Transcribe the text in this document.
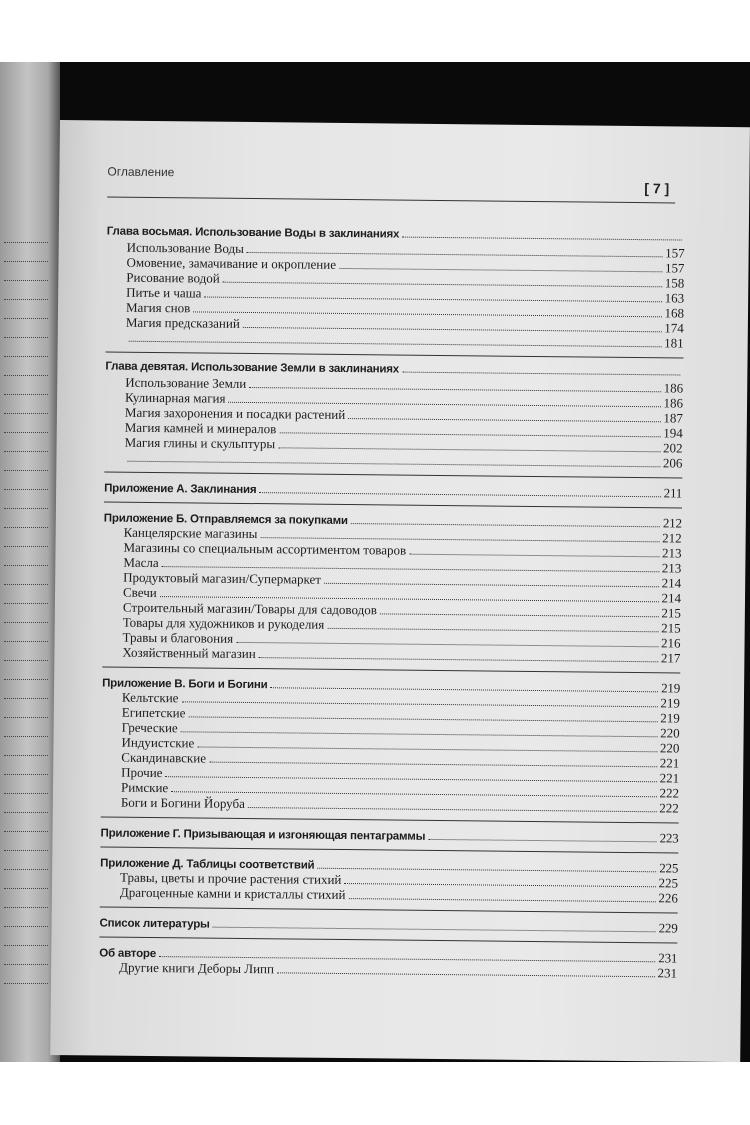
Оглавление
[ 7 ]
Глава восьмая. Использование Воды в заклинаниях
Использование Воды	157
Омовение, замачивание и окропление	157
Рисование водой	158
Питье и чаша	163
Магия снов	168
Магия предсказаний	174
181
Глава девятая. Использование Земли в заклинаниях
Использование Земли	186
Кулинарная магия	186
Магия захоронения и посадки растений	187
Магия камней и минералов	194
Магия глины и скульптуры	202
206
Приложение А. Заклинания	211
Приложение Б. Отправляемся за покупками	212
Канцелярские магазины	212
Магазины со специальным ассортиментом товаров	213
Масла	213
Продуктовый магазин/Супермаркет	214
Свечи	214
Строительный магазин/Товары для садоводов	215
Товары для художников и рукоделия	215
Травы и благовония	216
Хозяйственный магазин	217
Приложение В. Боги и Богини	219
Кельтские	219
Египетские	219
Греческие	220
Индуистские	220
Скандинавские	221
Прочие	221
Римские	222
Боги и Богини Йоруба	222
Приложение Г. Призывающая и изгоняющая пентаграммы	223
Приложение Д. Таблицы соответствий	225
Травы, цветы и прочие растения стихий	225
Драгоценные камни и кристаллы стихий	226
Список литературы	229
Об авторе	231
Другие книги Деборы Липп	231
